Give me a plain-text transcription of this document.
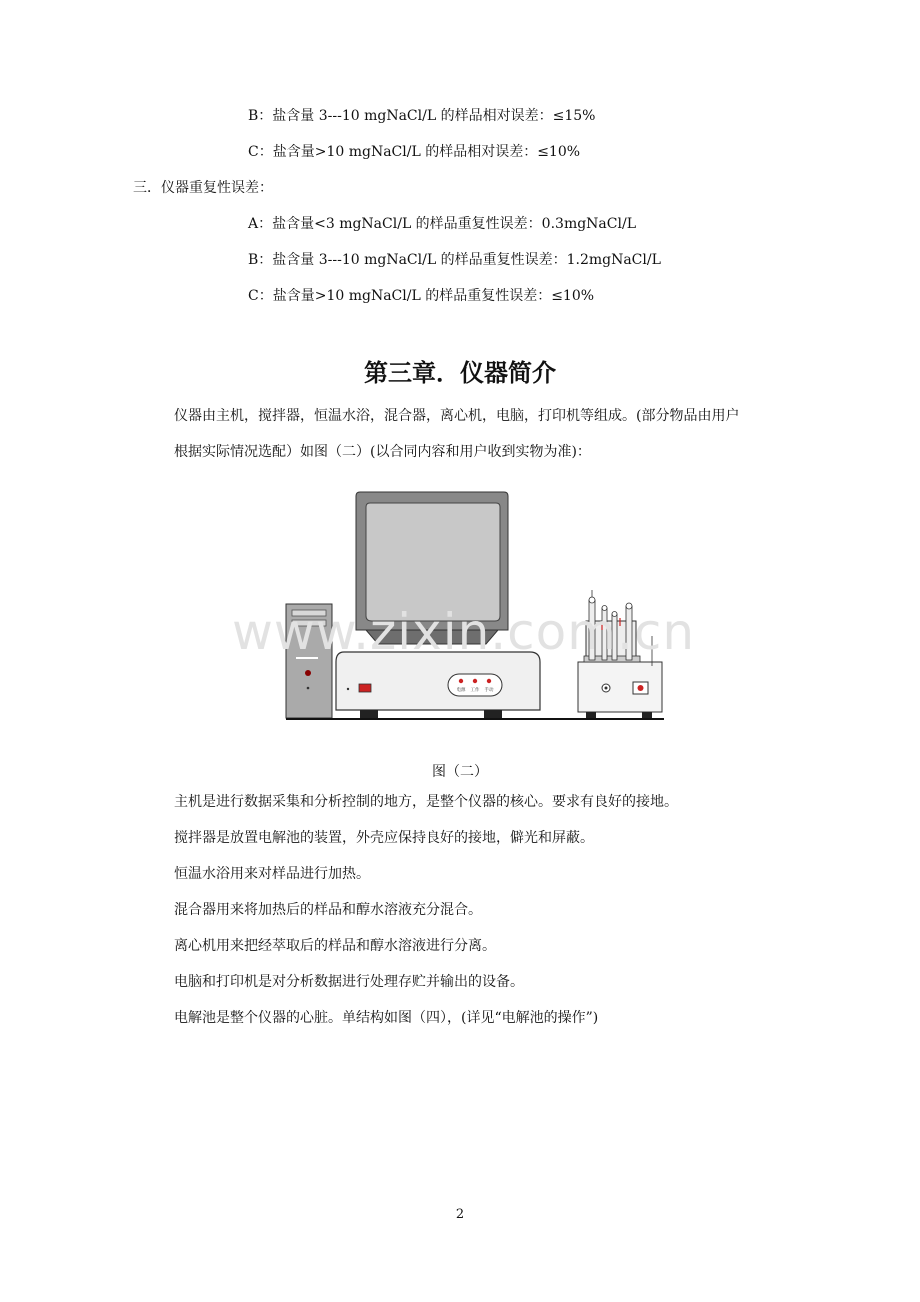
B：盐含量 3---10 mgNaCl/L 的样品相对误差：≤15%
C：盐含量>10 mgNaCl/L 的样品相对误差：≤10%
三．仪器重复性误差：
A：盐含量<3 mgNaCl/L 的样品重复性误差：0.3mgNaCl/L
B：盐含量 3---10 mgNaCl/L 的样品重复性误差：1.2mgNaCl/L
C：盐含量>10 mgNaCl/L 的样品重复性误差：≤10%
第三章．仪器简介
仪器由主机，搅拌器，恒温水浴，混合器，离心机，电脑，打印机等组成。(部分物品由用户
根据实际情况选配）如图（二）(以合同内容和用户收到实物为准)：
电源 工作 手动
www.zixin.com.cn
图（二）
主机是进行数据采集和分析控制的地方，是整个仪器的核心。要求有良好的接地。
搅拌器是放置电解池的装置，外壳应保持良好的接地，僻光和屏蔽。
恒温水浴用来对样品进行加热。
混合器用来将加热后的样品和醇水溶液充分混合。
离心机用来把经萃取后的样品和醇水溶液进行分离。
电脑和打印机是对分析数据进行处理存贮并输出的设备。
电解池是整个仪器的心脏。单结构如图（四），(详见“电解池的操作”)
2
